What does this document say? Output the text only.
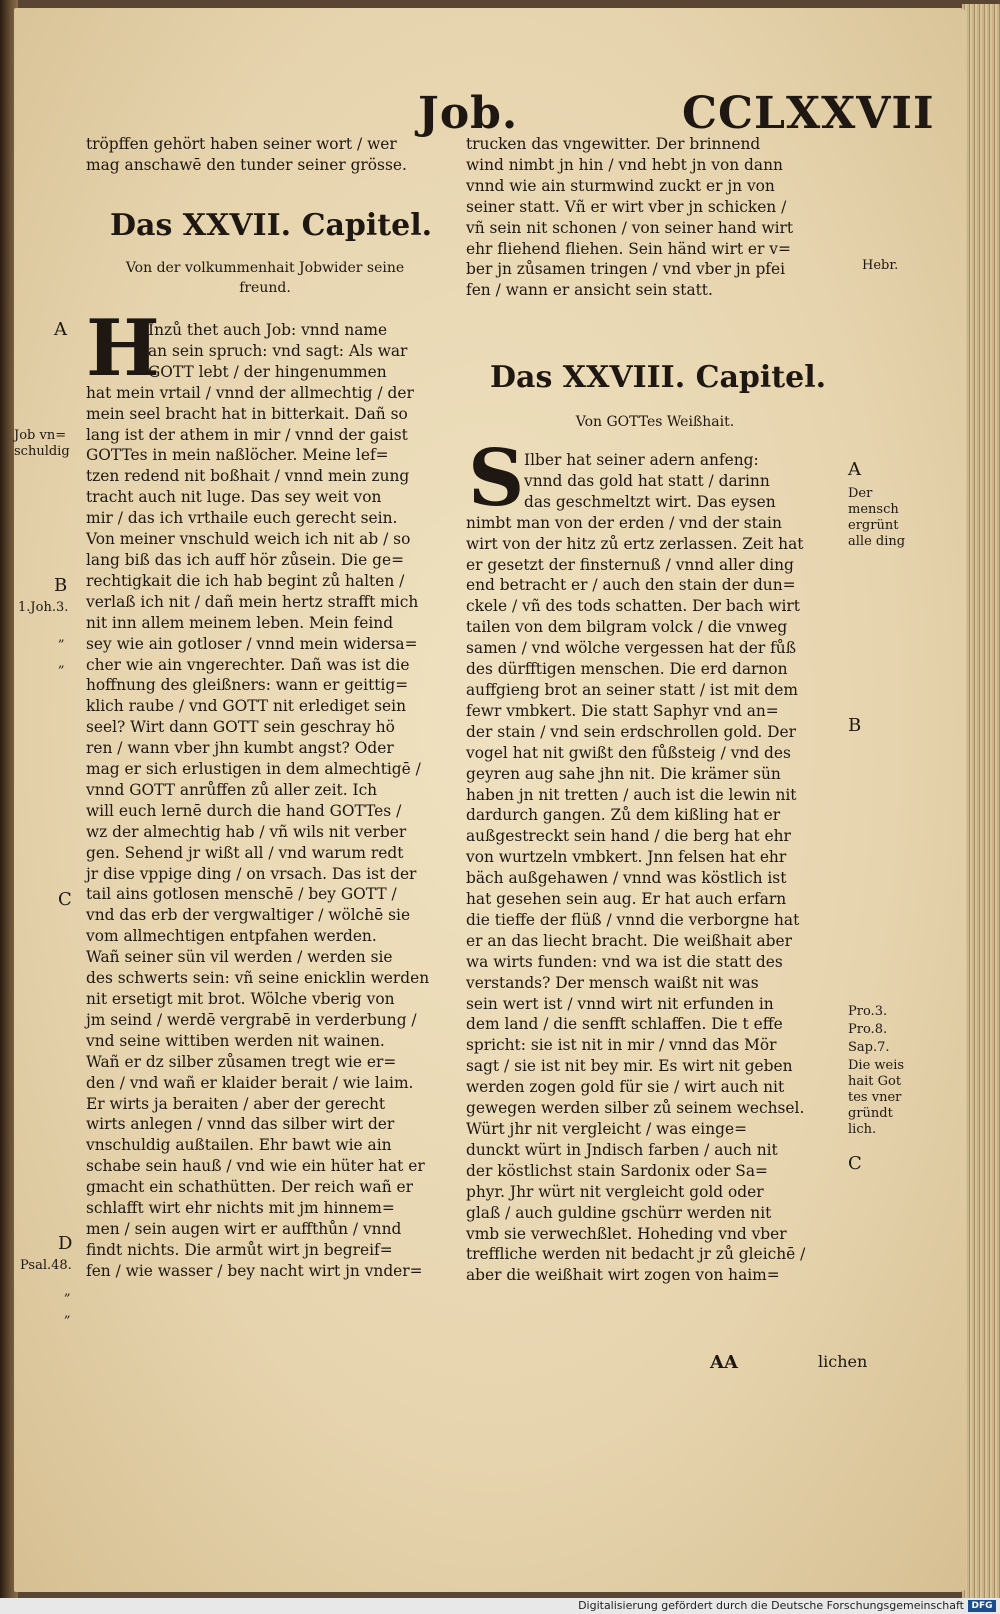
Job.	CCLXXVII
tröpffen gehört haben seiner wort / wer
mag anschawē den tunder seiner grösse.
Das XXVII. Capitel.
Von der volkummenhait Jobwider seine freund.
H
Inzů thet auch Job: vnnd name
an sein spruch: vnd sagt: Als war
GOTT lebt / der hingenummen
hat mein vrtail / vnnd der allmechtig / der
mein seel bracht hat in bitterkait. Dañ so
lang ist der athem in mir / vnnd der gaist
GOTTes in mein naßlöcher. Meine lef=
tzen redend nit boßhait / vnnd mein zung
tracht auch nit luge. Das sey weit von
mir / das ich vrthaile euch gerecht sein.
Von meiner vnschuld weich ich nit ab / so
lang biß das ich auff hör zůsein. Die ge=
rechtigkait die ich hab begint zů halten /
verlaß ich nit / dañ mein hertz strafft mich
nit inn allem meinem leben. Mein feind
sey wie ain gotloser / vnnd mein widersa=
cher wie ain vngerechter. Dañ was ist die
hoffnung des gleißners: wann er geittig=
klich raube / vnd GOTT nit erlediget sein
seel? Wirt dann GOTT sein geschray hö
ren / wann vber jhn kumbt angst? Oder
mag er sich erlustigen in dem almechtigē /
vnnd GOTT anrůffen zů aller zeit. Ich
will euch lernē durch die hand GOTTes /
wz der almechtig hab / vñ wils nit verber
gen. Sehend jr wißt all / vnd warum redt
jr dise vppige ding / on vrsach. Das ist der
tail ains gotlosen menschē / bey GOTT /
vnd das erb der vergwaltiger / wölchē sie
vom allmechtigen entpfahen werden.
Wañ seiner sün vil werden / werden sie
des schwerts sein: vñ seine enicklin werden
nit ersetigt mit brot. Wölche vberig von
jm seind / werdē vergrabē in verderbung /
vnd seine wittiben werden nit wainen.
Wañ er dz silber zůsamen tregt wie er=
den / vnd wañ er klaider berait / wie laim.
Er wirts ja beraiten / aber der gerecht
wirts anlegen / vnnd das silber wirt der
vnschuldig außtailen. Ehr bawt wie ain
schabe sein hauß / vnd wie ein hüter hat er
gmacht ein schathütten. Der reich wañ er
schlafft wirt ehr nichts mit jm hinnem=
men / sein augen wirt er auffthůn / vnnd
findt nichts. Die armůt wirt jn begreif=
fen / wie wasser / bey nacht wirt jn vnder=
trucken das vngewitter. Der brinnend
wind nimbt jn hin / vnd hebt jn von dann
vnnd wie ain sturmwind zuckt er jn von
seiner statt. Vñ er wirt vber jn schicken /
vñ sein nit schonen / von seiner hand wirt
ehr fliehend fliehen. Sein händ wirt er v=
ber jn zůsamen tringen / vnd vber jn pfei
fen / wann er ansicht sein statt.
Das XXVIII. Capitel.
Von GOTTes Weißhait.
S Ilber hat seiner adern anfeng:
vnnd das gold hat statt / darinn
das geschmeltzt wirt. Das eysen
nimbt man von der erden / vnd der stain
wirt von der hitz zů ertz zerlassen. Zeit hat
er gesetzt der finsternuß / vnnd aller ding
end betracht er / auch den stain der dun=
ckele / vñ des tods schatten. Der bach wirt
tailen von dem bilgram volck / die vnweg
samen / vnd wölche vergessen hat der fůß
des dürfftigen menschen. Die erd darnon
auffgieng brot an seiner statt / ist mit dem
fewr vmbkert. Die statt Saphyr vnd an=
der stain / vnd sein erdschrollen gold. Der
vogel hat nit gwißt den fůßsteig / vnd des
geyren aug sahe jhn nit. Die krämer sün
haben jn nit tretten / auch ist die lewin nit
dardurch gangen. Zů dem kißling hat er
außgestreckt sein hand / die berg hat ehr
von wurtzeln vmbkert. Jnn felsen hat ehr
bäch außgehawen / vnnd was köstlich ist
hat gesehen sein aug. Er hat auch erfarn
die tieffe der flüß / vnnd die verborgne hat
er an das liecht bracht. Die weißhait aber
wa wirts funden: vnd wa ist die statt des
verstands? Der mensch waißt nit was
sein wert ist / vnnd wirt nit erfunden in
dem land / die senfft schlaffen. Die t effe
spricht: sie ist nit in mir / vnnd das Mör
sagt / sie ist nit bey mir. Es wirt nit geben
werden zogen gold für sie / wirt auch nit
gewegen werden silber zů seinem wechsel.
Würt jhr nit vergleicht / was einge=
dunckt würt in Jndisch farben / auch nit
der köstlichst stain Sardonix oder Sa=
phyr. Jhr würt nit vergleicht gold oder
glaß / auch guldine gschürr werden nit
vmb sie verwechßlet. Hoheding vnd vber
treffliche werden nit bedacht jr zů gleichē /
aber die weißhait wirt zogen von haim=
A
Job vn= schuldig
B
1.Joh.3.
„
„
C
D
Psal.48.
„
„
Hebr.
A
Der mensch ergrünt alle ding
B
Pro.3.
Pro.8.
Sap.7.
Die weis hait Got tes vner gründt lich.
C
AA	lichen
Digitalisierung gefördert durch die Deutsche Forschungsgemeinschaft DFG
